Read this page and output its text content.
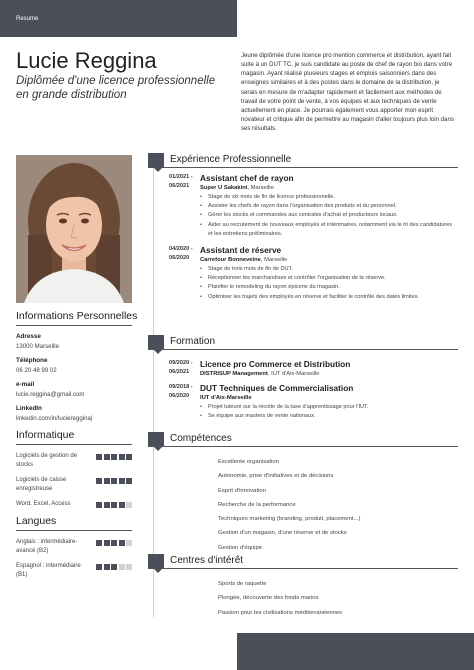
Resume
Lucie Reggina

Diplômée d'une licence professionnelle en grande distribution

Jeune diplômée d'une licence pro mention commerce et distribution, ayant fait suite à un DUT TC, je suis candidate au poste de chef de rayon bio dans votre magasin. Ayant réalisé plusieurs stages et emplois saisonniers dans des enseignes similaires et à des postes dans le domaine de la distribution, je serais en mesure de m'adapter rapidement et facilement aux méthodes de travail de votre point de vente, à vos équipes et aux techniques de vente actuellement en place. Je pourrais également vous apporter mon esprit novateur et critique afin de permettre au magasin d'aller toujours plus loin dans ses résultats.

Informations Personnelles
Adresse
13000 Marseille
Téléphone
06 20 48 99 02
e-mail
lucie.reggina@gmail.com
LinkedIn
linkedin.com/in/luciereggina|
Informatique
Logiciels de gestion de stocks
Logiciels de caisse enregistreuse
Word, Excel, Access
Langues
Anglais : intermédiaire-avancé (B2)
Espagnol : intermédiaire (B1)
Expérience Professionnelle
01/2021 -
06/2021
Assistant chef de rayon
Super U Sakakini, Marseille
• Stage de six mois de fin de licence professionnelle.
• Assister les chefs de rayon dans l'organisation des produits et du personnel.
• Gérer les stocks et commandes aux centrales d'achat et producteurs locaux.
• Aider au recrutement de nouveaux employés et intérimaires, notamment via le tri des candidatures et les entretiens préliminaires.
04/2020 -
06/2020
Assistant de réserve
Carrefour Bonneveine, Marseille
• Stage de trois mois de fin de DUT.
• Réceptionner les marchandises et contrôler l'organisation de la réserve.
• Planifier le remodeling du rayon épicerie du magasin.
• Optimiser les trajets des employés en réserve et faciliter le contrôle des dates limites.
Formation
09/2020 -
06/2021
Licence pro Commerce et Distribution
DISTRISUP Management, IUT d'Aix-Marseille
09/2018 -
06/2020
DUT Techniques de Commercialisation
IUT d'Aix-Marseille
• Projet tuteuré sur la récolte de la taxe d'apprentissage pour l'IUT.
• Se équipe aux masters de vente nationaux.
Compétences
Excellente organisation
Autonomie, prise d'initiatives et de décisions
Esprit d'innovation
Recherche de la performance
Techniques marketing (branding, produit, placement...)
Gestion d'un magasin, d'une réserve et de stocks
Gestion d'équipe
Centres d'intérêt
Sports de raquette
Plongée, découverte des fonds marins
Passion pour les civilisations méditerranéennes
